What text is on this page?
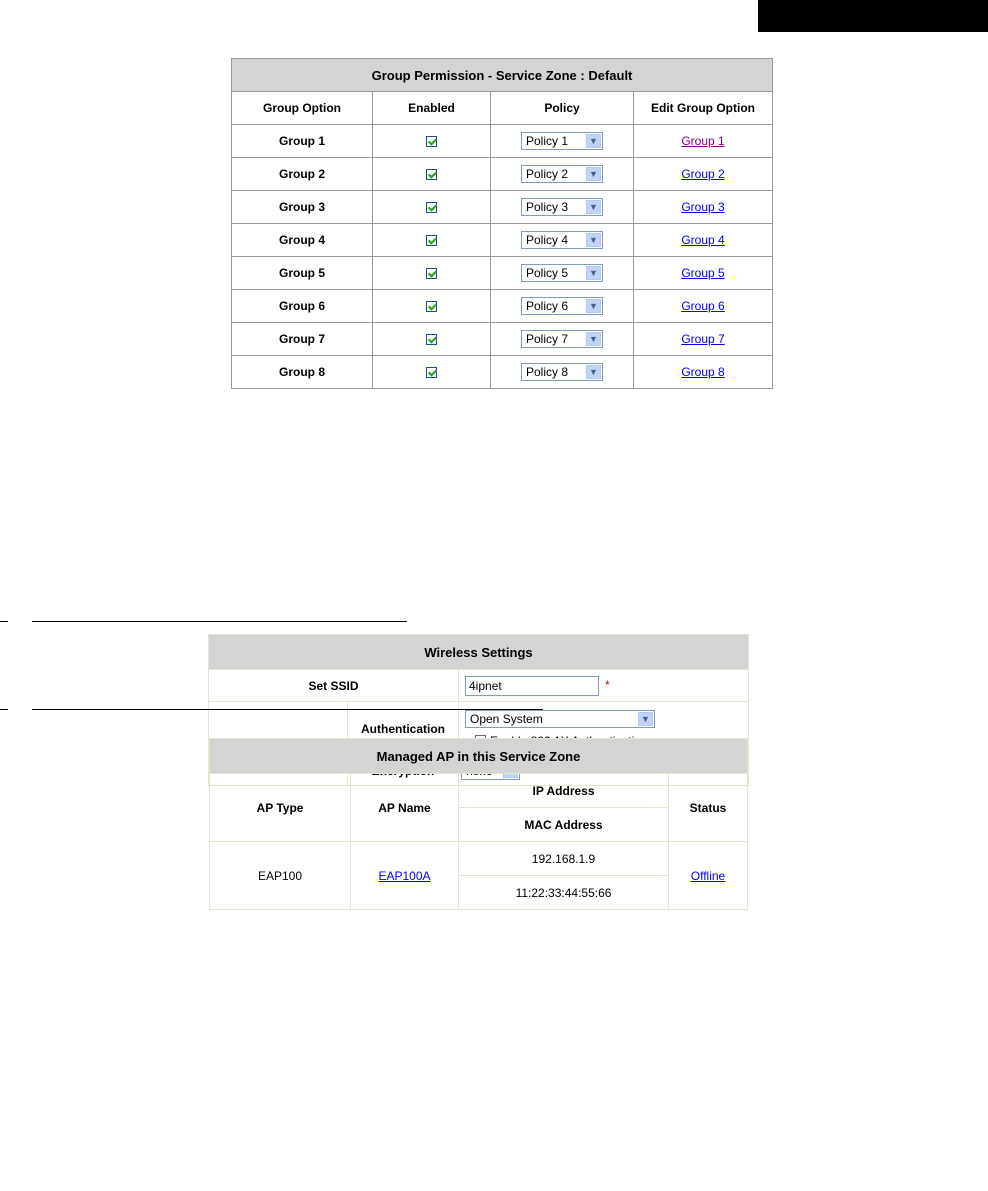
Group Permission - Service Zone : Default			
Group Option	Enabled	Policy	Edit Group Option
Group 1		Policy 1 ▼	Group 1
Group 2		Policy 2 ▼	Group 2
Group 3		Policy 3 ▼	Group 3
Group 4		Policy 4 ▼	Group 4
Group 5		Policy 5 ▼	Group 5
Group 6		Policy 6 ▼	Group 6
Group 7		Policy 7 ▼	Group 7
Group 8		Policy 8 ▼	Group 8
Wireless Settings		
Set SSID		4ipnet *
	Authentication	Open System ▼

Managed AP in this Service Zone			
AP Type	AP Name	IP Address	Status
		MAC Address	
EAP100	EAP100A	192.168.1.9	Offline
		11:22:33:44:55:66	
